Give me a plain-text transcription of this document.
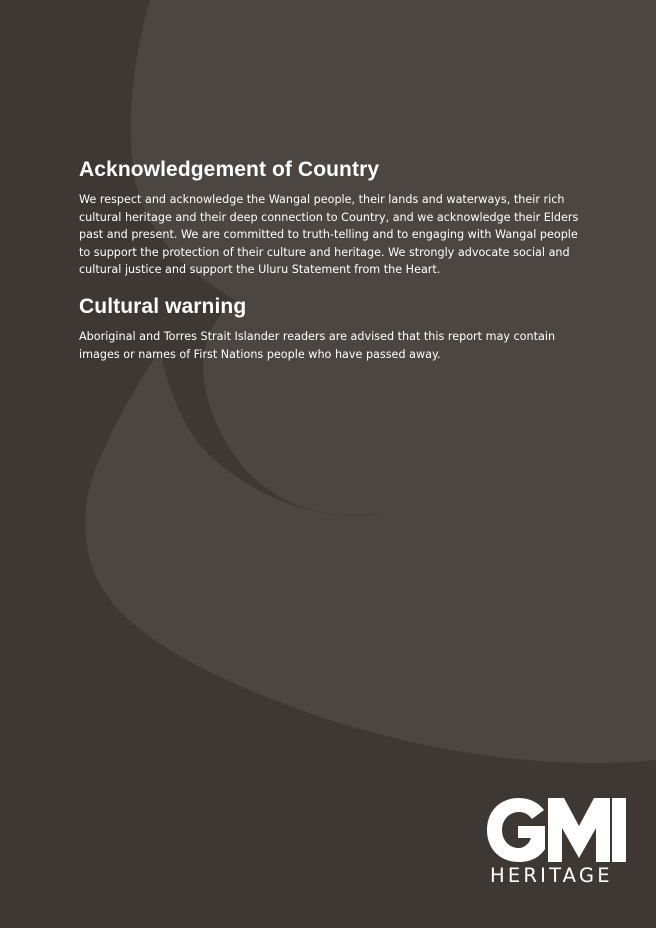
Acknowledgement of Country

We respect and acknowledge the Wangal people, their lands and waterways, their rich cultural heritage and their deep connection to Country, and we acknowledge their Elders past and present. We are committed to truth-telling and to engaging with Wangal people to support the protection of their culture and heritage. We strongly advocate social and cultural justice and support the Uluru Statement from the Heart.

Cultural warning

Aboriginal and Torres Strait Islander readers are advised that this report may contain images or names of First Nations people who have passed away.

HERITAGE
